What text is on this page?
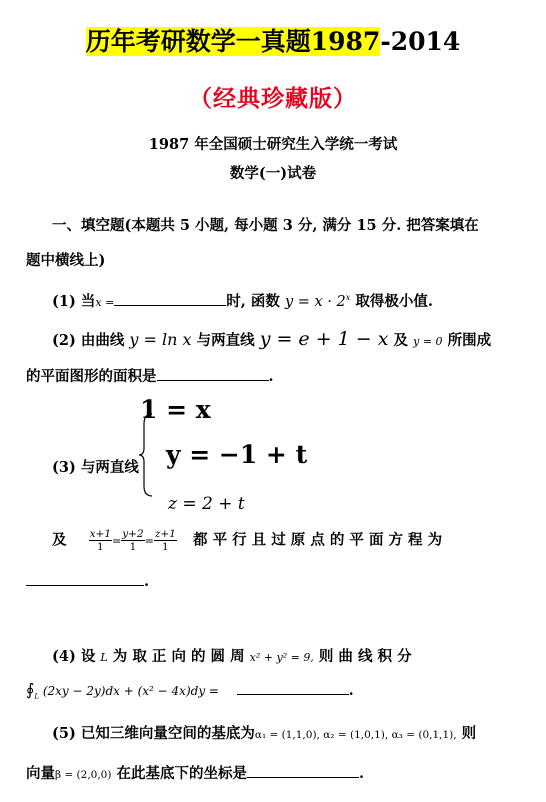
历年考研数学一真题1987-2014
（经典珍藏版）
1987 年全国硕士研究生入学统一考试
数学(一)试卷
一、填空题(本题共 5 小题, 每小题 3 分, 满分 15 分. 把答案填在
题中横线上)
(1) 当x =	时, 函数 $y = x \cdot 2^x$ 取得极小值.
(2) 由曲线 y = ln x 与两直线 y = e + 1 − x 及 y = 0 所围成
的平面图形的面积是	.
1 = x
(3) 与两直线 y = −1 + t
z = 2 + t
及 $\frac{x+1}{1} = \frac{y+2}{1} = \frac{z+1}{1}$ 都 平 行 且 过 原 点 的 平 面 方 程 为
.
(4) 设 L 为 取 正 向 的 圆 周 x² + y² = 9, 则 曲 线 积 分
$∮_L$ (2xy − 2y)dx + (x² − 4x)dy =	.
(5) 已知三维向量空间的基底为α₁ = (1,1,0), α₂ = (1,0,1), α₃ = (0,1,1), 则
向量β = (2,0,0) 在此基底下的坐标是	.
